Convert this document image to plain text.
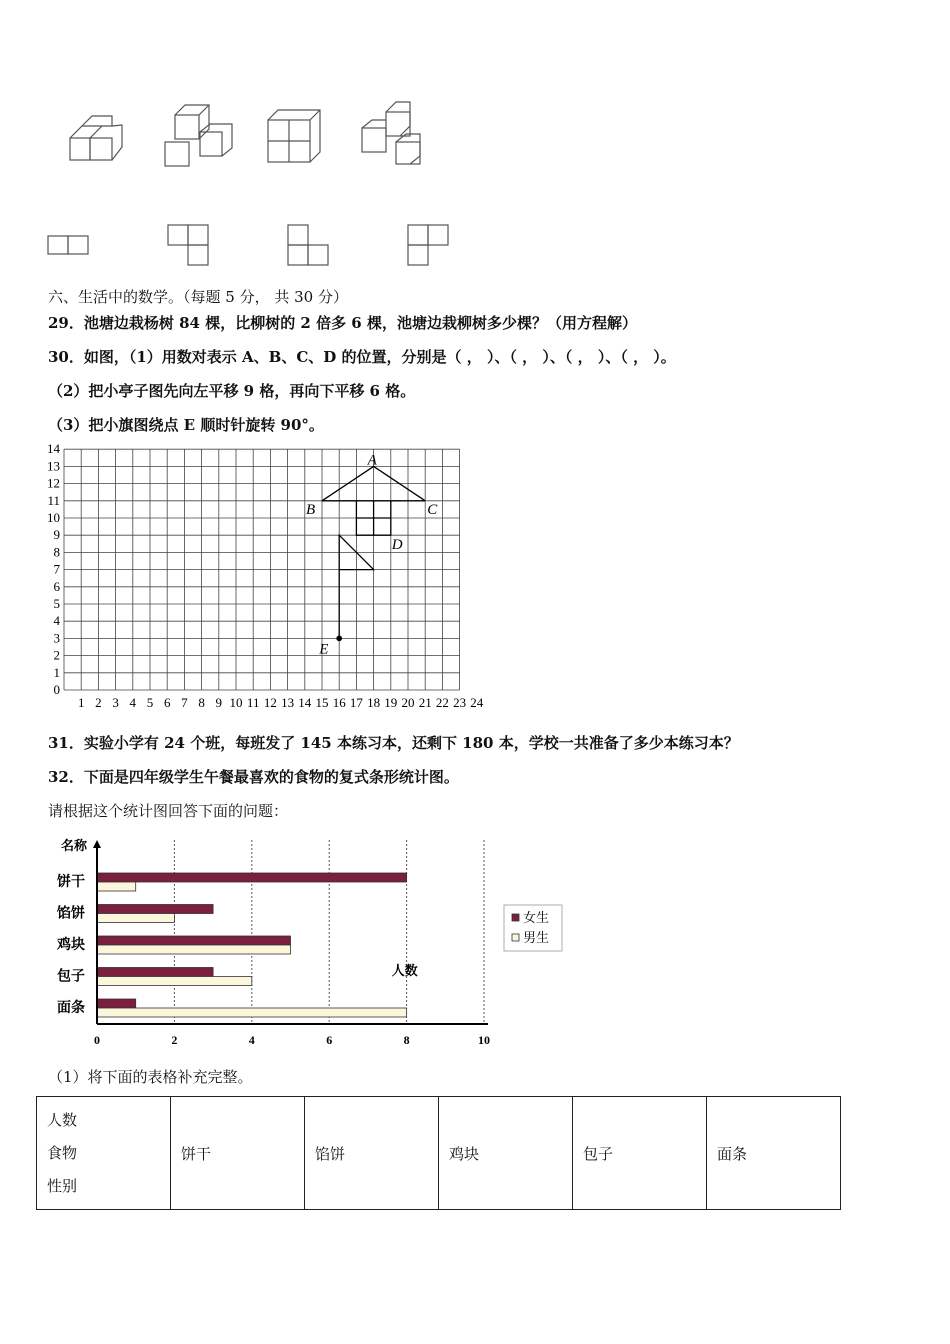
六、生活中的数学。（每题 5 分， 共 30 分）
29．池塘边栽杨树 84 棵，比柳树的 2 倍多 6 棵，池塘边栽柳树多少棵？（用方程解）
30．如图，（1）用数对表示 A、B、C、D 的位置，分别是（ ， ）、（ ， ）、（ ， ）、（ ， ）。
（2）把小亭子图先向左平移 9 格，再向下平移 6 格。
（3）把小旗图绕点 E 顺时针旋转 90°。
1 2 3 4 5 6 7 8 9 10 11 12 13 14 15 16 17 18 19 20 21 22 23 24
0
1
2
3
4
5
6
7
8
9
10
11
12
13
14
A
B	C
D
E
31．实验小学有 24 个班，每班发了 145 本练习本，还剩下 180 本，学校一共准备了多少本练习本？
32．下面是四年级学生午餐最喜欢的食物的复式条形统计图。
请根据这个统计图回答下面的问题：
饼干
馅饼
鸡块
包子
面条
名称
人数
0	2	4	6	8	10
女生
男生
（1）将下面的表格补充完整。
人数
食物
性别
	饼干	馅饼	鸡块	包子	面条
